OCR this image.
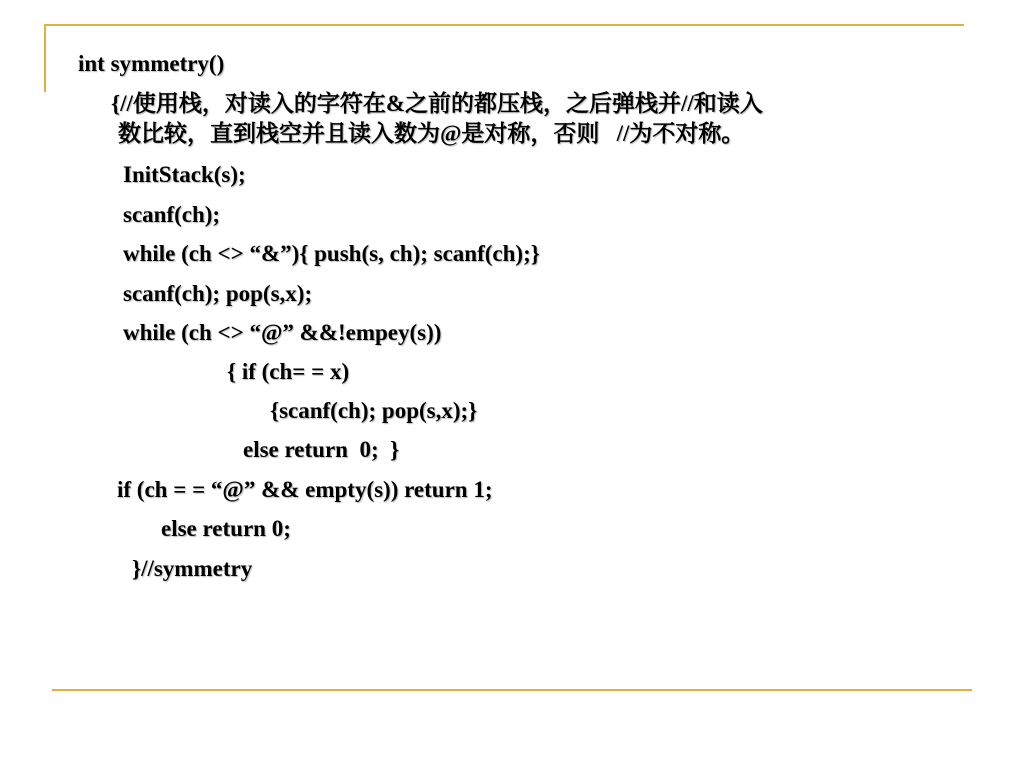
int symmetry()
{//使用栈，对读入的字符在&之前的都压栈，之后弹栈并//和读入
数比较，直到栈空并且读入数为@是对称，否则   //为不对称。
InitStack(s);
scanf(ch);
while (ch <> “&”){ push(s, ch); scanf(ch);}
scanf(ch); pop(s,x);
while (ch <> “@” &&!empey(s))
{ if (ch= = x)
{scanf(ch); pop(s,x);}
else return  0;  }
if (ch = = “@” && empty(s)) return 1;
else return 0;
}//symmetry
